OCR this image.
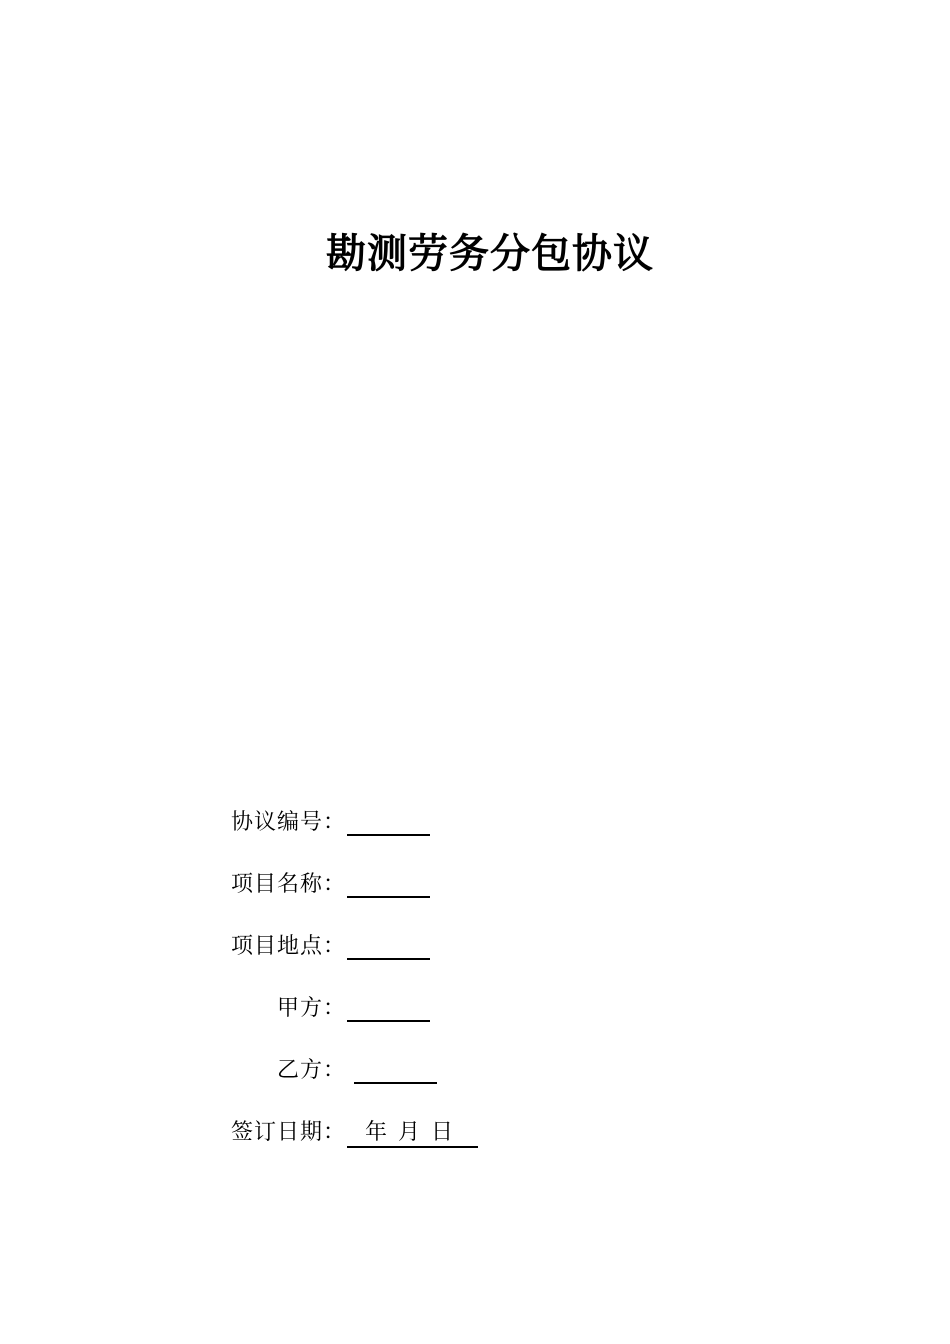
勘测劳务分包协议
协议编号：
项目名称：
项目地点：
甲方：
乙方：
签订日期： 年 月 日
